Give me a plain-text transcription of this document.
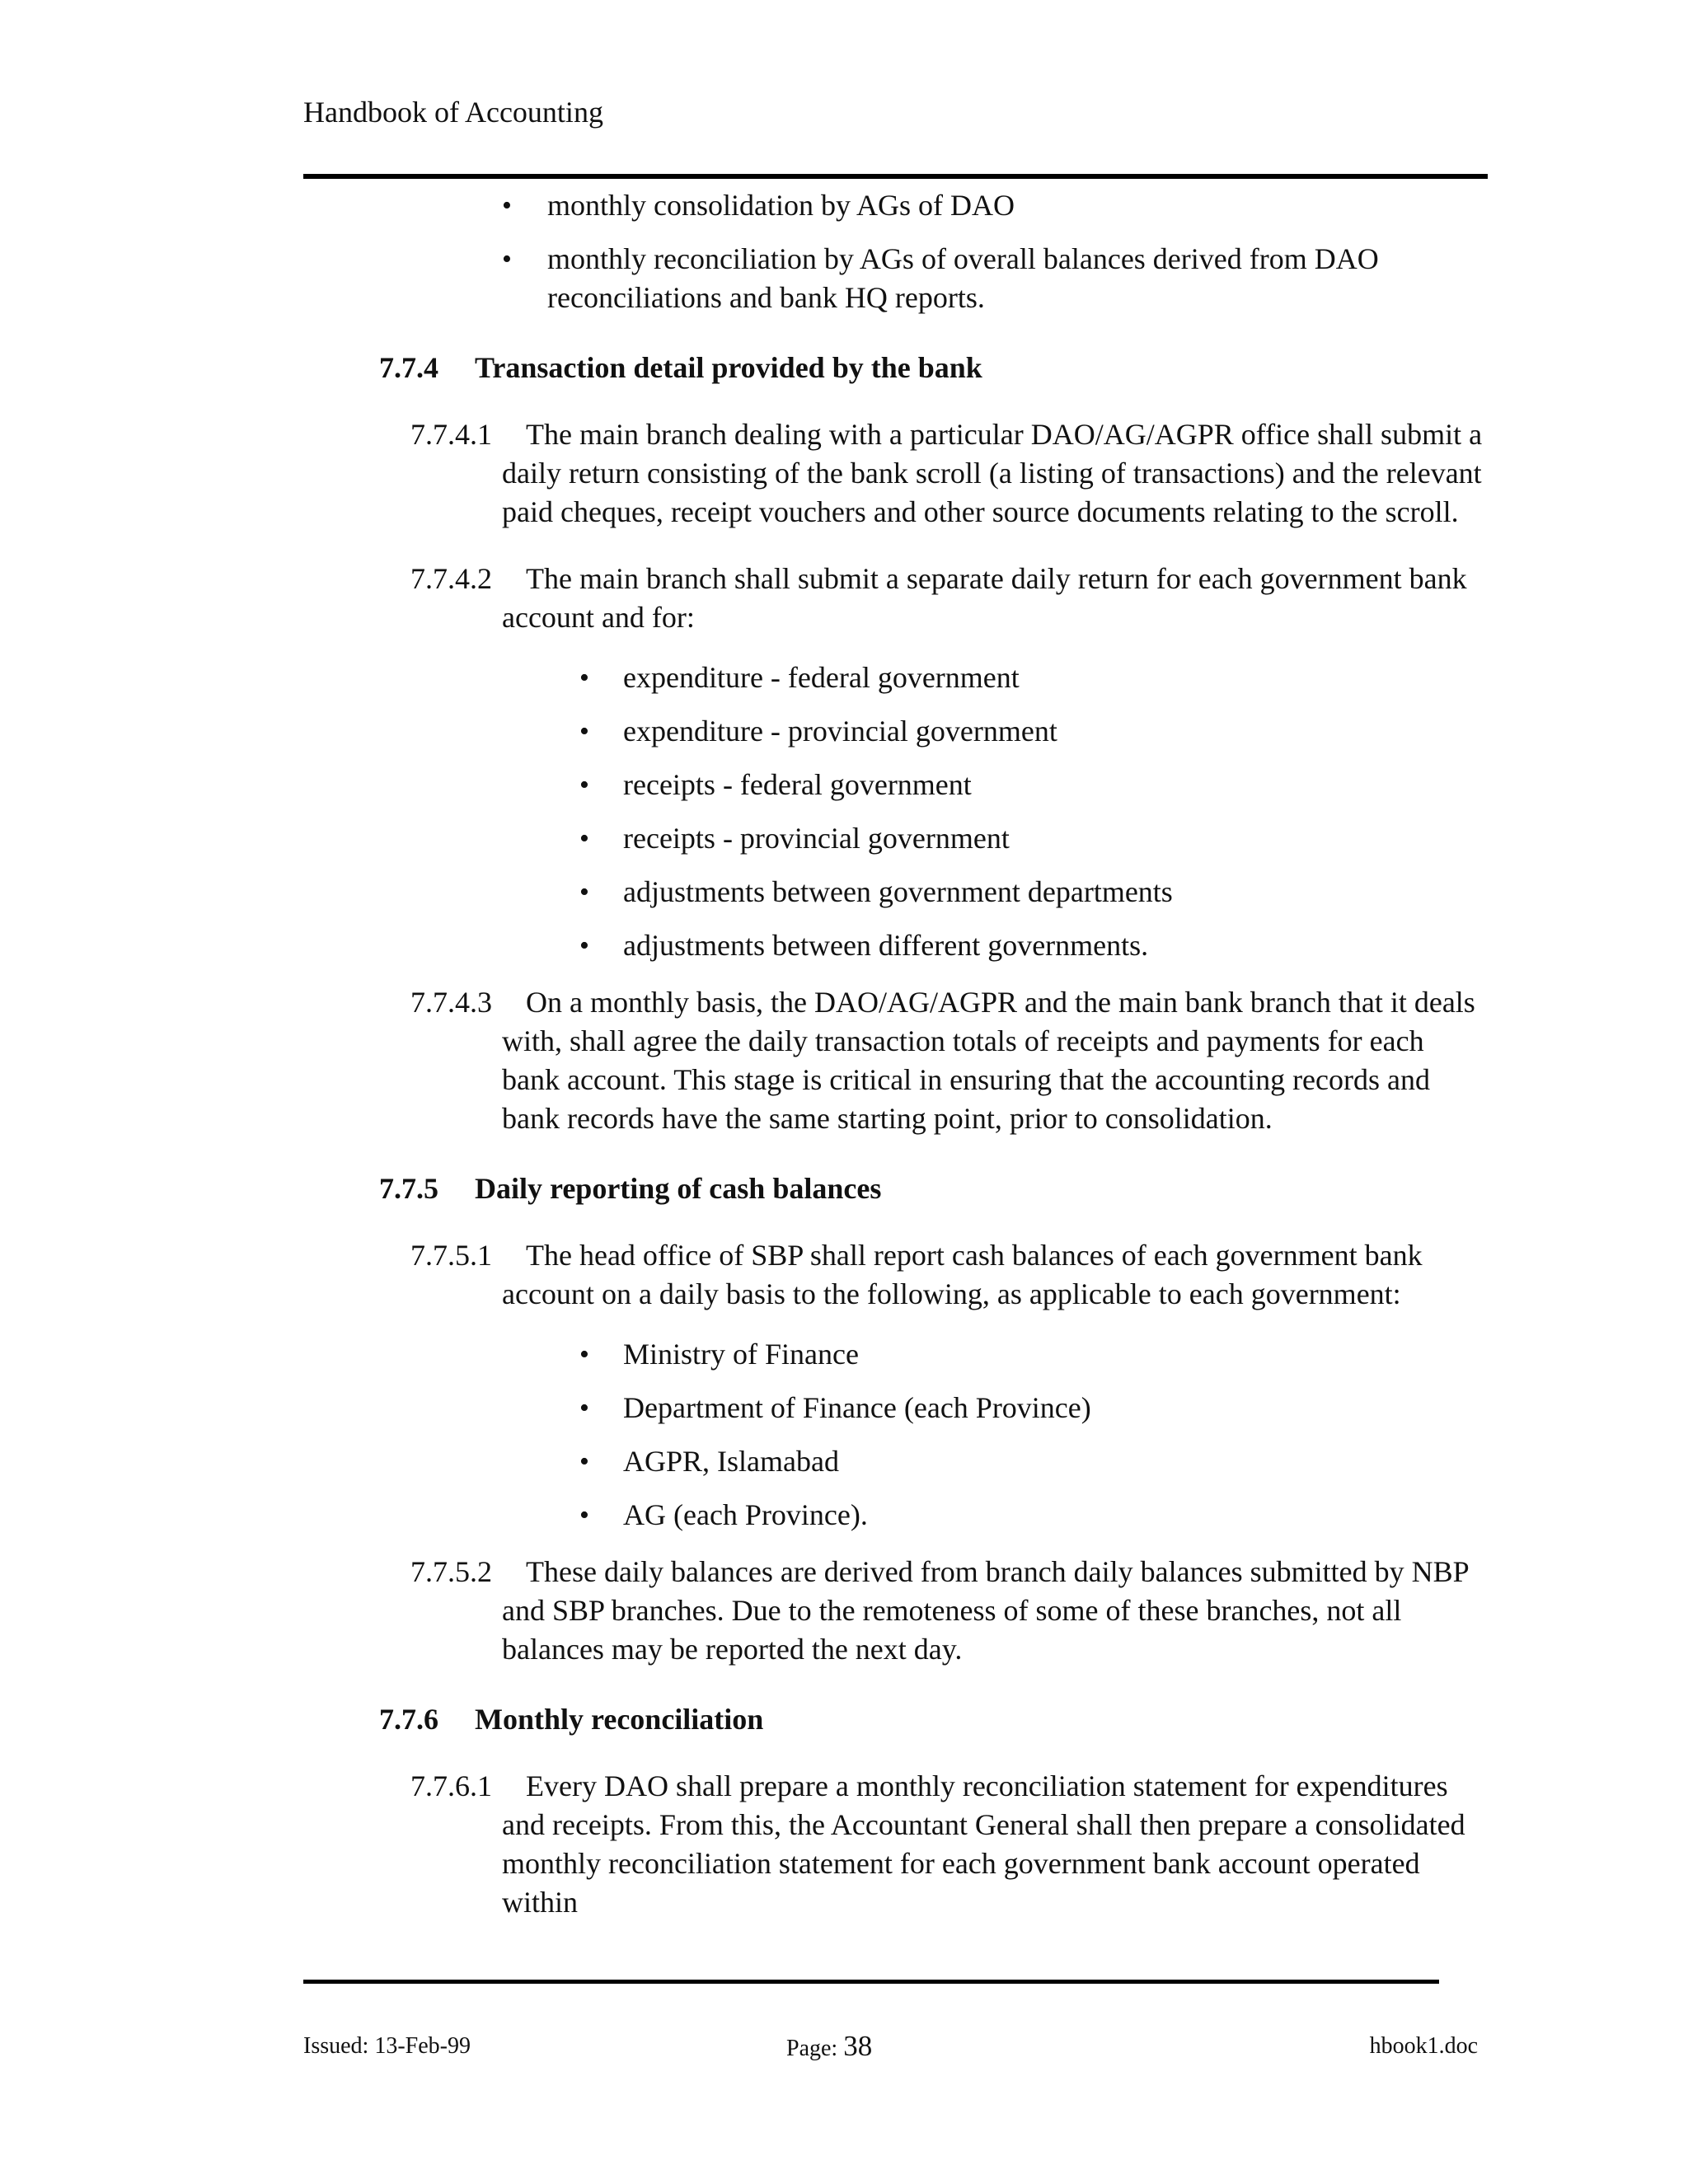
Handbook of Accounting
• monthly consolidation by AGs of DAO
• monthly reconciliation by AGs of overall balances derived from DAO reconciliations and bank HQ reports.
7.7.4 Transaction detail provided by the bank
7.7.4.1	The main branch dealing with a particular DAO/AG/AGPR office shall submit a daily return consisting of the bank scroll (a listing of transactions) and the relevant paid cheques, receipt vouchers and other source documents relating to the scroll.
7.7.4.2	The main branch shall submit a separate daily return for each government bank account and for:
• expenditure - federal government
• expenditure - provincial government
• receipts - federal government
• receipts - provincial government
• adjustments between government departments
• adjustments between different governments.
7.7.4.3	On a monthly basis, the DAO/AG/AGPR and the main bank branch that it deals with, shall agree the daily transaction totals of receipts and payments for each bank account. This stage is critical in ensuring that the accounting records and bank records have the same starting point, prior to consolidation.
7.7.5 Daily reporting of cash balances
7.7.5.1	The head office of SBP shall report cash balances of each government bank account on a daily basis to the following, as applicable to each government:
• Ministry of Finance
• Department of Finance (each Province)
• AGPR, Islamabad
• AG (each Province).
7.7.5.2	These daily balances are derived from branch daily balances submitted by NBP and SBP branches. Due to the remoteness of some of these branches, not all balances may be reported the next day.
7.7.6 Monthly reconciliation
7.7.6.1	Every DAO shall prepare a monthly reconciliation statement for expenditures and receipts. From this, the Accountant General shall then prepare a consolidated monthly reconciliation statement for each government bank account operated within
Issued: 13-Feb-99	Page: 38	hbook1.doc
